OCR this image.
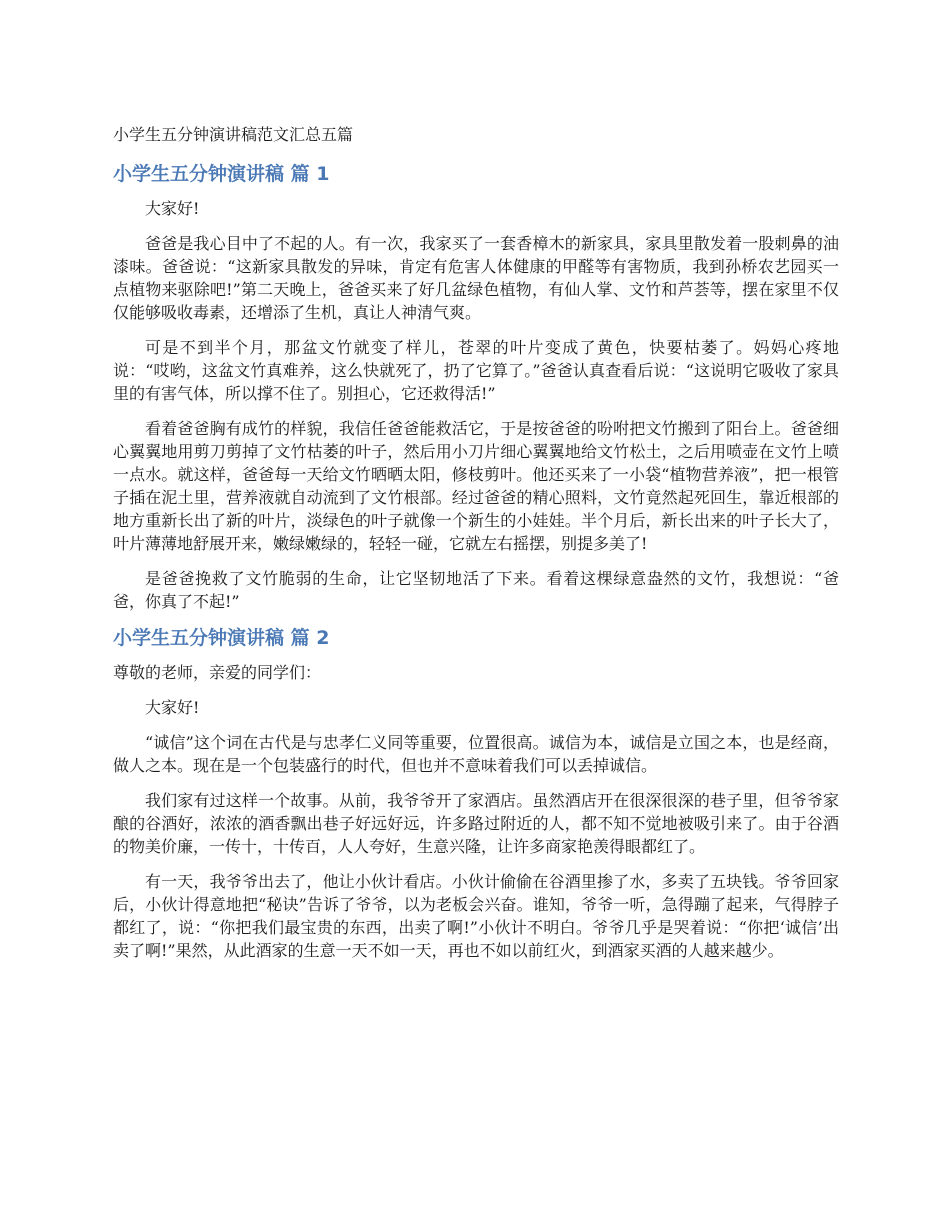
小学生五分钟演讲稿范文汇总五篇
小学生五分钟演讲稿 篇 1

大家好!

爸爸是我心目中了不起的人。有一次，我家买了一套香樟木的新家具，家具里散发着一股刺鼻的油漆味。爸爸说：“这新家具散发的异味，肯定有危害人体健康的甲醛等有害物质，我到孙桥农艺园买一点植物来驱除吧!”第二天晚上，爸爸买来了好几盆绿色植物，有仙人掌、文竹和芦荟等，摆在家里不仅仅能够吸收毒素，还增添了生机，真让人神清气爽。

可是不到半个月，那盆文竹就变了样儿，苍翠的叶片变成了黄色，快要枯萎了。妈妈心疼地说：“哎哟，这盆文竹真难养，这么快就死了，扔了它算了。”爸爸认真查看后说：“这说明它吸收了家具里的有害气体，所以撑不住了。别担心，它还救得活!”

看着爸爸胸有成竹的样貌，我信任爸爸能救活它，于是按爸爸的吩咐把文竹搬到了阳台上。爸爸细心翼翼地用剪刀剪掉了文竹枯萎的叶子，然后用小刀片细心翼翼地给文竹松土，之后用喷壶在文竹上喷一点水。就这样，爸爸每一天给文竹晒晒太阳，修枝剪叶。他还买来了一小袋“植物营养液”，把一根管子插在泥土里，营养液就自动流到了文竹根部。经过爸爸的精心照料，文竹竟然起死回生，靠近根部的地方重新长出了新的叶片，淡绿色的叶子就像一个新生的小娃娃。半个月后，新长出来的叶子长大了，叶片薄薄地舒展开来，嫩绿嫩绿的，轻轻一碰，它就左右摇摆，别提多美了!

是爸爸挽救了文竹脆弱的生命，让它坚韧地活了下来。看着这棵绿意盎然的文竹，我想说：“爸爸，你真了不起!”

小学生五分钟演讲稿 篇 2

尊敬的老师，亲爱的同学们：

大家好!

“诚信”这个词在古代是与忠孝仁义同等重要，位置很高。诚信为本，诚信是立国之本，也是经商，做人之本。现在是一个包装盛行的时代，但也并不意味着我们可以丢掉诚信。

我们家有过这样一个故事。从前，我爷爷开了家酒店。虽然酒店开在很深很深的巷子里，但爷爷家酿的谷酒好，浓浓的酒香飘出巷子好远好远，许多路过附近的人，都不知不觉地被吸引来了。由于谷酒的物美价廉，一传十，十传百，人人夸好，生意兴隆，让许多商家艳羡得眼都红了。

有一天，我爷爷出去了，他让小伙计看店。小伙计偷偷在谷酒里掺了水，多卖了五块钱。爷爷回家后，小伙计得意地把“秘诀”告诉了爷爷，以为老板会兴奋。谁知，爷爷一听，急得蹦了起来，气得脖子都红了，说：“你把我们最宝贵的东西，出卖了啊!”小伙计不明白。爷爷几乎是哭着说：“你把‘诚信’出卖了啊!”果然，从此酒家的生意一天不如一天，再也不如以前红火，到酒家买酒的人越来越少。
